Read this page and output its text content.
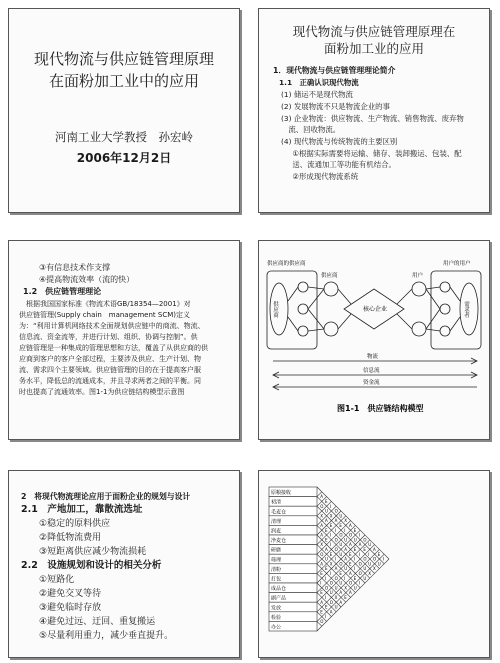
现代物流与供应链管理原理
在面粉加工业中的应用
河南工业大学教授　孙宏岭
2006年12月2日
现代物流与供应链管理原理在
面粉加工业的应用
1．现代物流与供应链管理理论简介
1.1　正确认识现代物流
(1) 储运不是现代物流
(2) 发展物流不只是物流企业的事
(3) 企业物流：供应物流、生产物流、销售物流、废弃物
　流、回收物流。
(4) 现代物流与传统物流的主要区别
　①根据实际需要将运输、储存、装卸搬运、包装、配
　送、流通加工等功能有机结合。
　②形成现代物流系统
③有信息技术作支撑
④提高物流效率（流的快）
1.2　供应链管理理论
　根据我国国家标准《物流术语GB/18354—2001》对
供应链管理(Supply chain　management SCM)定义
为：“利用计算机网络技术全面规划供应链中的商流、物流、
信息流、资金流等，并进行计划、组织、协调与控制”。供
应链管理是一种集成的管理思想和方法，覆盖了从供应商的供
应商到客户的客户全部过程，主要涉及供应、生产计划、物
流、需求四个主要领域。供应链管理的目的在于提高客户服
务水平，降低总的流通成本，并且寻求两者之间的平衡。同
时也提高了流通效率。图1-1为供应链结构模型示意图
供应商的供应商
供应商
供应商	核心企业
用户
用户的用户
需求者
物流
信息流
资金流
图1-1　供应链结构模型
2　将现代物流理论应用于面粉企业的规划与设计
2.1　产地加工，靠散流选址
①稳定的原料供应
②降低物流费用
③短距离供应减少物流损耗
2.2　设施规划和设计的相关分析
①短路化
②避免交叉等待
③避免临时存放
④避免过远、迂回、重复搬运
⑤尽量利用重力，减少垂直提升。
原粮接收
初清
毛麦仓
清理
润麦
净麦仓
研磨
筛理
清粉
打包
成品仓
副产品
发放
检验
办公
A
E
I
O
U
X
A
E
I
O
U
A
E
I
O
U
X
A
E
I
O
U
A
E
I
O
U
X
A
E
I
O
U
A
E
I
O
U
X
A
E
I
O
U
A
E
I
O
U
X
A
E
I
O
U
A
E
I
O
U
X
A
E
I
O
U
A
E
I
O
U
X
A
E
I
O
U
A
E
I
O
U
X
A
E
I
O
U
A
E
I
O
U
X
A
E
I
O
U
A
E
A
E
I
O
